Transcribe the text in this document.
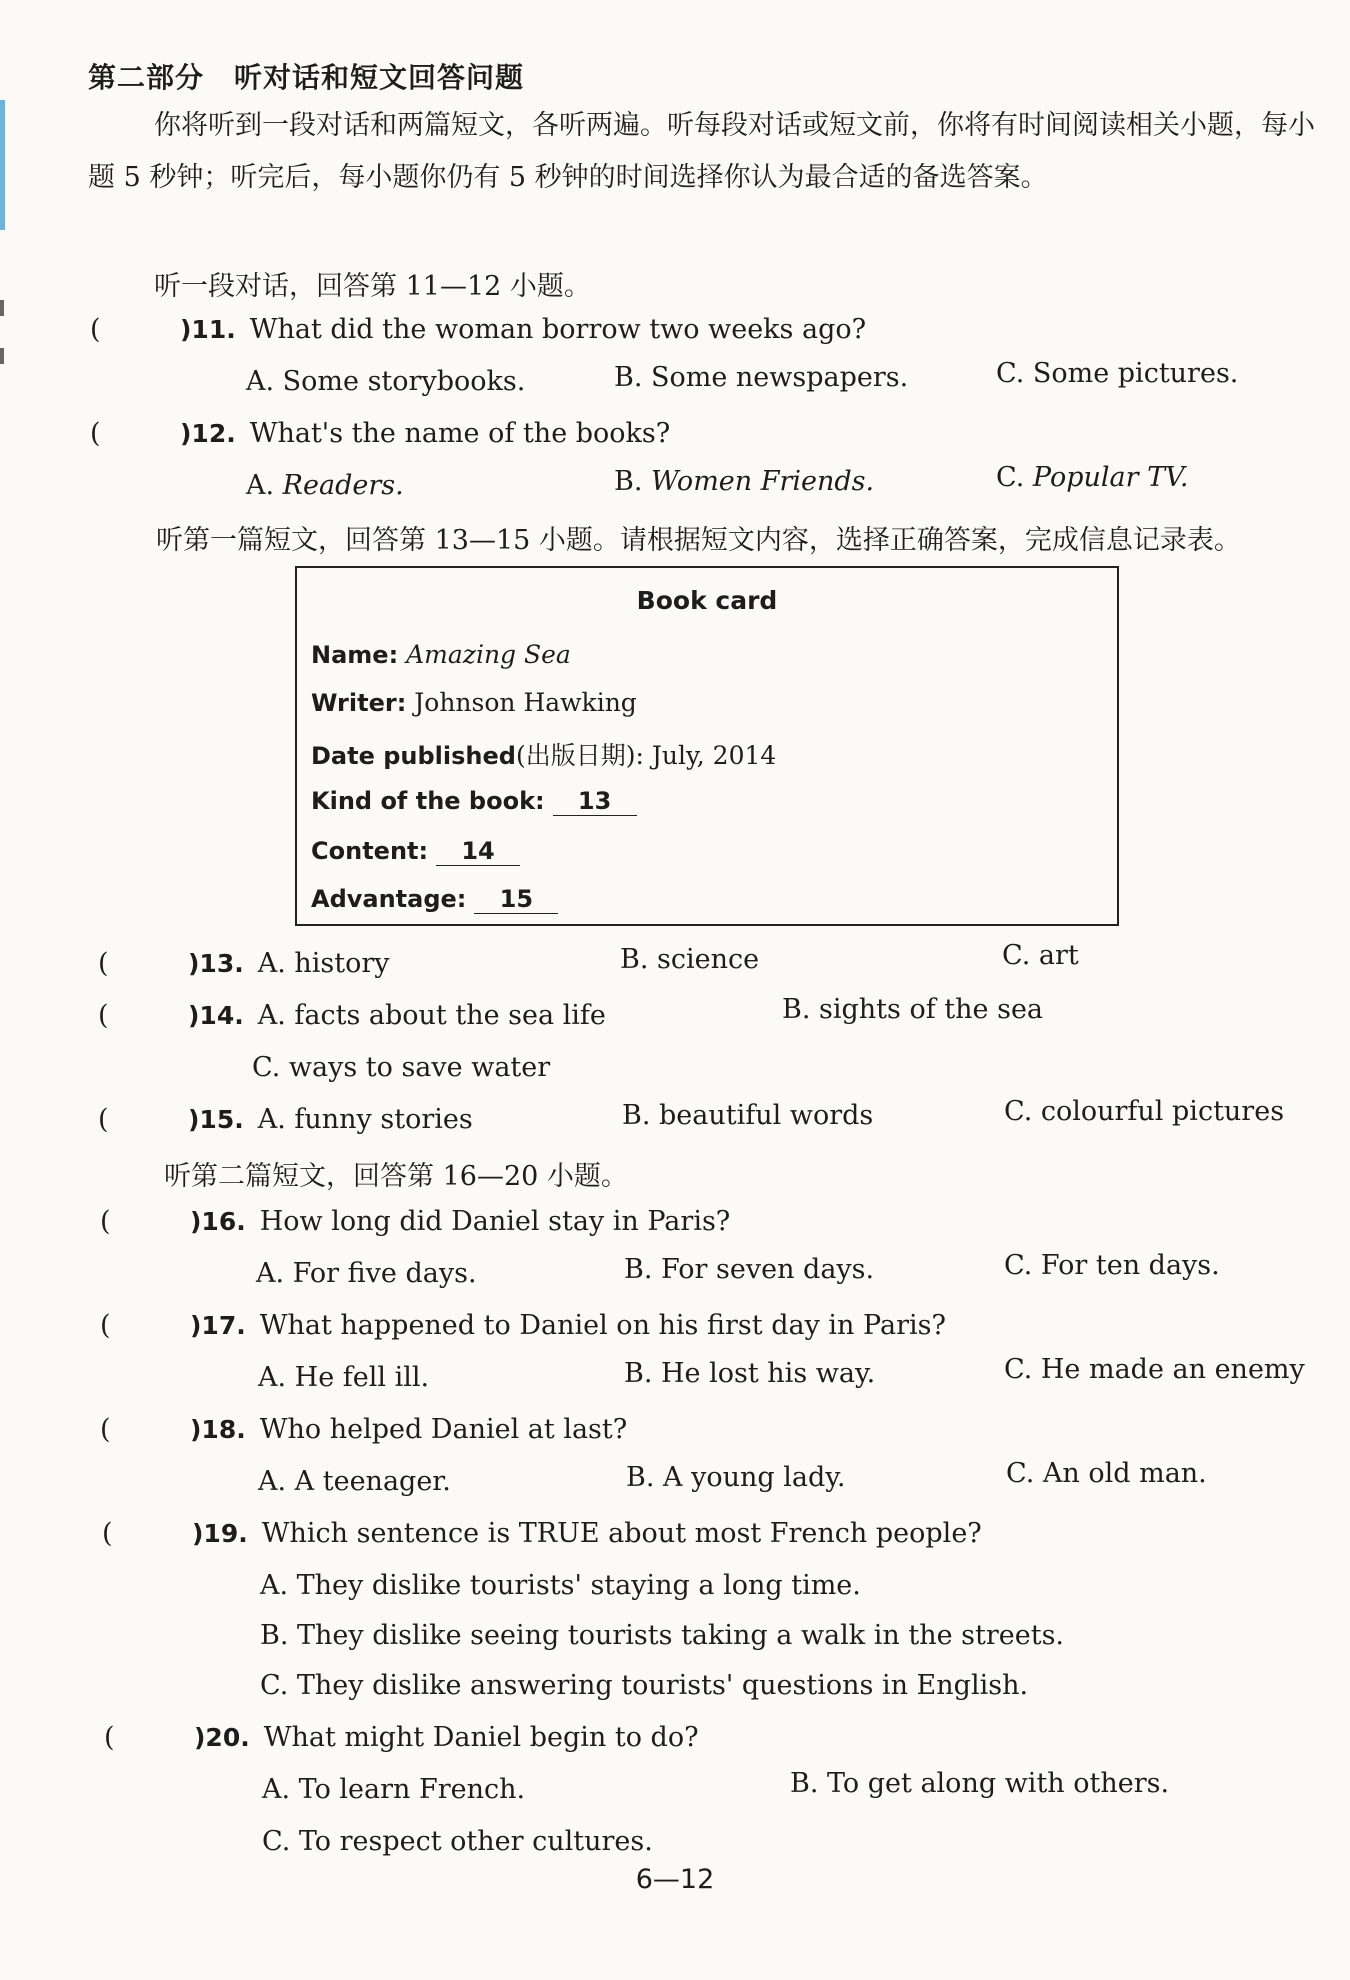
第二部分 听对话和短文回答问题

你将听到一段对话和两篇短文，各听两遍。听每段对话或短文前，你将有时间阅读相关小题，每小题 5 秒钟；听完后，每小题你仍有 5 秒钟的时间选择你认为最合适的备选答案。

听一段对话，回答第 11—12 小题。
(	)11. What did the woman borrow two weeks ago?
A. Some storybooks.	B. Some newspapers.	C. Some pictures.
(	)12. What's the name of the books?
A. Readers.	B. Women Friends.	C. Popular TV.
听第一篇短文，回答第 13—15 小题。请根据短文内容，选择正确答案，完成信息记录表。
Book card
Name: Amazing Sea
Writer: Johnson Hawking
Date published(出版日期): July, 2014
Kind of the book: 13
Content: 14
Advantage: 15
(	)13. A. history	B. science	C. art
(	)14. A. facts about the sea life	B. sights of the sea
C. ways to save water
(	)15. A. funny stories	B. beautiful words	C. colourful pictures
听第二篇短文，回答第 16—20 小题。
(	)16. How long did Daniel stay in Paris?
A. For five days.	B. For seven days.	C. For ten days.
(	)17. What happened to Daniel on his first day in Paris?
A. He fell ill.	B. He lost his way.	C. He made an enemy
(	)18. Who helped Daniel at last?
A. A teenager.	B. A young lady.	C. An old man.
(	)19. Which sentence is TRUE about most French people?
A. They dislike tourists' staying a long time.
B. They dislike seeing tourists taking a walk in the streets.
C. They dislike answering tourists' questions in English.
(	)20. What might Daniel begin to do?
A. To learn French.	B. To get along with others.
C. To respect other cultures.
6—12
